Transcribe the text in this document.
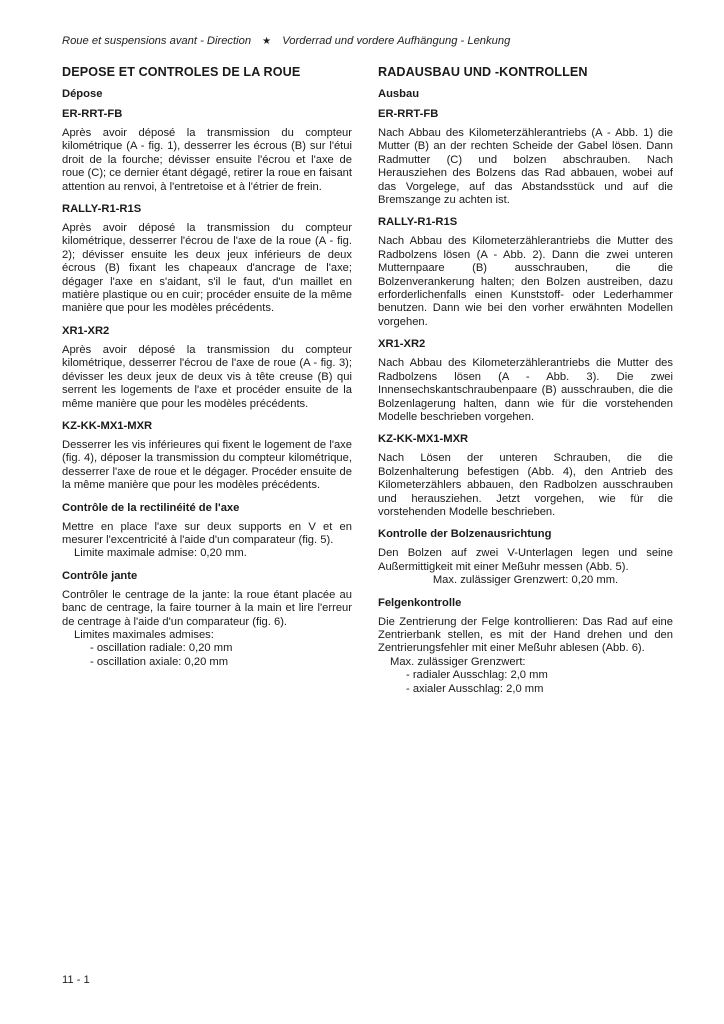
Roue et suspensions avant - Direction ★ Vorderrad und vordere Aufhängung - Lenkung
DEPOSE ET CONTROLES DE LA ROUE
Dépose
ER-RRT-FB

Après avoir déposé la transmission du compteur kilométrique (A - fig. 1), desserrer les écrous (B) sur l'étui droit de la fourche; dévisser ensuite l'écrou et l'axe de roue (C); ce dernier étant dégagé, retirer la roue en faisant attention au renvoi, à l'entretoise et à l'étrier de frein.

RALLY-R1-R1S

Après avoir déposé la transmission du compteur kilométrique, desserrer l'écrou de l'axe de la roue (A - fig. 2); dévisser ensuite les deux jeux inférieurs de deux écrous (B) fixant les chapeaux d'ancrage de l'axe; dégager l'axe en s'aidant, s'il le faut, d'un maillet en matière plastique ou en cuir; procéder ensuite de la même manière que pour les modèles précédents.

XR1-XR2

Après avoir déposé la transmission du compteur kilométrique, desserrer l'écrou de l'axe de roue (A - fig. 3); dévisser les deux jeux de deux vis à tête creuse (B) qui serrent les logements de l'axe et procéder ensuite de la même manière que pour les modèles précédents.

KZ-KK-MX1-MXR

Desserrer les vis inférieures qui fixent le logement de l'axe (fig. 4), déposer la transmission du compteur kilométrique, desserrer l'axe de roue et le dégager. Procéder ensuite de la même manière que pour les modèles précédents.

Contrôle de la rectilinéité de l'axe

Mettre en place l'axe sur deux supports en V et en mesurer l'excentricité à l'aide d'un comparateur (fig. 5).

Limite maximale admise: 0,20 mm.

Contrôle jante

Contrôler le centrage de la jante: la roue étant placée au banc de centrage, la faire tourner à la main et lire l'erreur de centrage à l'aide d'un comparateur (fig. 6).

Limites maximales admises:

- oscillation radiale: 0,20 mm

- oscillation axiale: 0,20 mm

RADAUSBAU UND -KONTROLLEN
Ausbau
ER-RRT-FB

Nach Abbau des Kilometerzählerantriebs (A - Abb. 1) die Mutter (B) an der rechten Scheide der Gabel lösen. Dann Radmutter (C) und bolzen abschrauben. Nach Herausziehen des Bolzens das Rad abbauen, wobei auf das Vorgelege, auf das Abstandsstück und auf die Bremszange zu achten ist.

RALLY-R1-R1S

Nach Abbau des Kilometerzählerantriebs die Mutter des Radbolzens lösen (A - Abb. 2). Dann die zwei unteren Mutternpaare (B) ausschrauben, die die Bolzenverankerung halten; den Bolzen austreiben, dazu erforderlichenfalls einen Kunststoff- oder Lederhammer benutzen. Dann wie bei den vorher erwähnten Modellen vorgehen.

XR1-XR2

Nach Abbau des Kilometerzählerantriebs die Mutter des Radbolzens lösen (A - Abb. 3). Die zwei Innensechskantschraubenpaare (B) ausschrauben, die die Bolzenlagerung halten, dann wie für die vorstehenden Modelle beschrieben vorgehen.

KZ-KK-MX1-MXR

Nach Lösen der unteren Schrauben, die die Bolzenhalterung befestigen (Abb. 4), den Antrieb des Kilometerzählers abbauen, den Radbolzen ausschrauben und herausziehen. Jetzt vorgehen, wie für die vorstehenden Modelle beschrieben.

Kontrolle der Bolzenausrichtung

Den Bolzen auf zwei V-Unterlagen legen und seine Außermittigkeit mit einer Meßuhr messen (Abb. 5).

Max. zulässiger Grenzwert: 0,20 mm.

Felgenkontrolle

Die Zentrierung der Felge kontrollieren: Das Rad auf eine Zentrierbank stellen, es mit der Hand drehen und den Zentrierungsfehler mit einer Meßuhr ablesen (Abb. 6).

Max. zulässiger Grenzwert:

- radialer Ausschlag: 2,0 mm

- axialer Ausschlag: 2,0 mm

11 - 1
